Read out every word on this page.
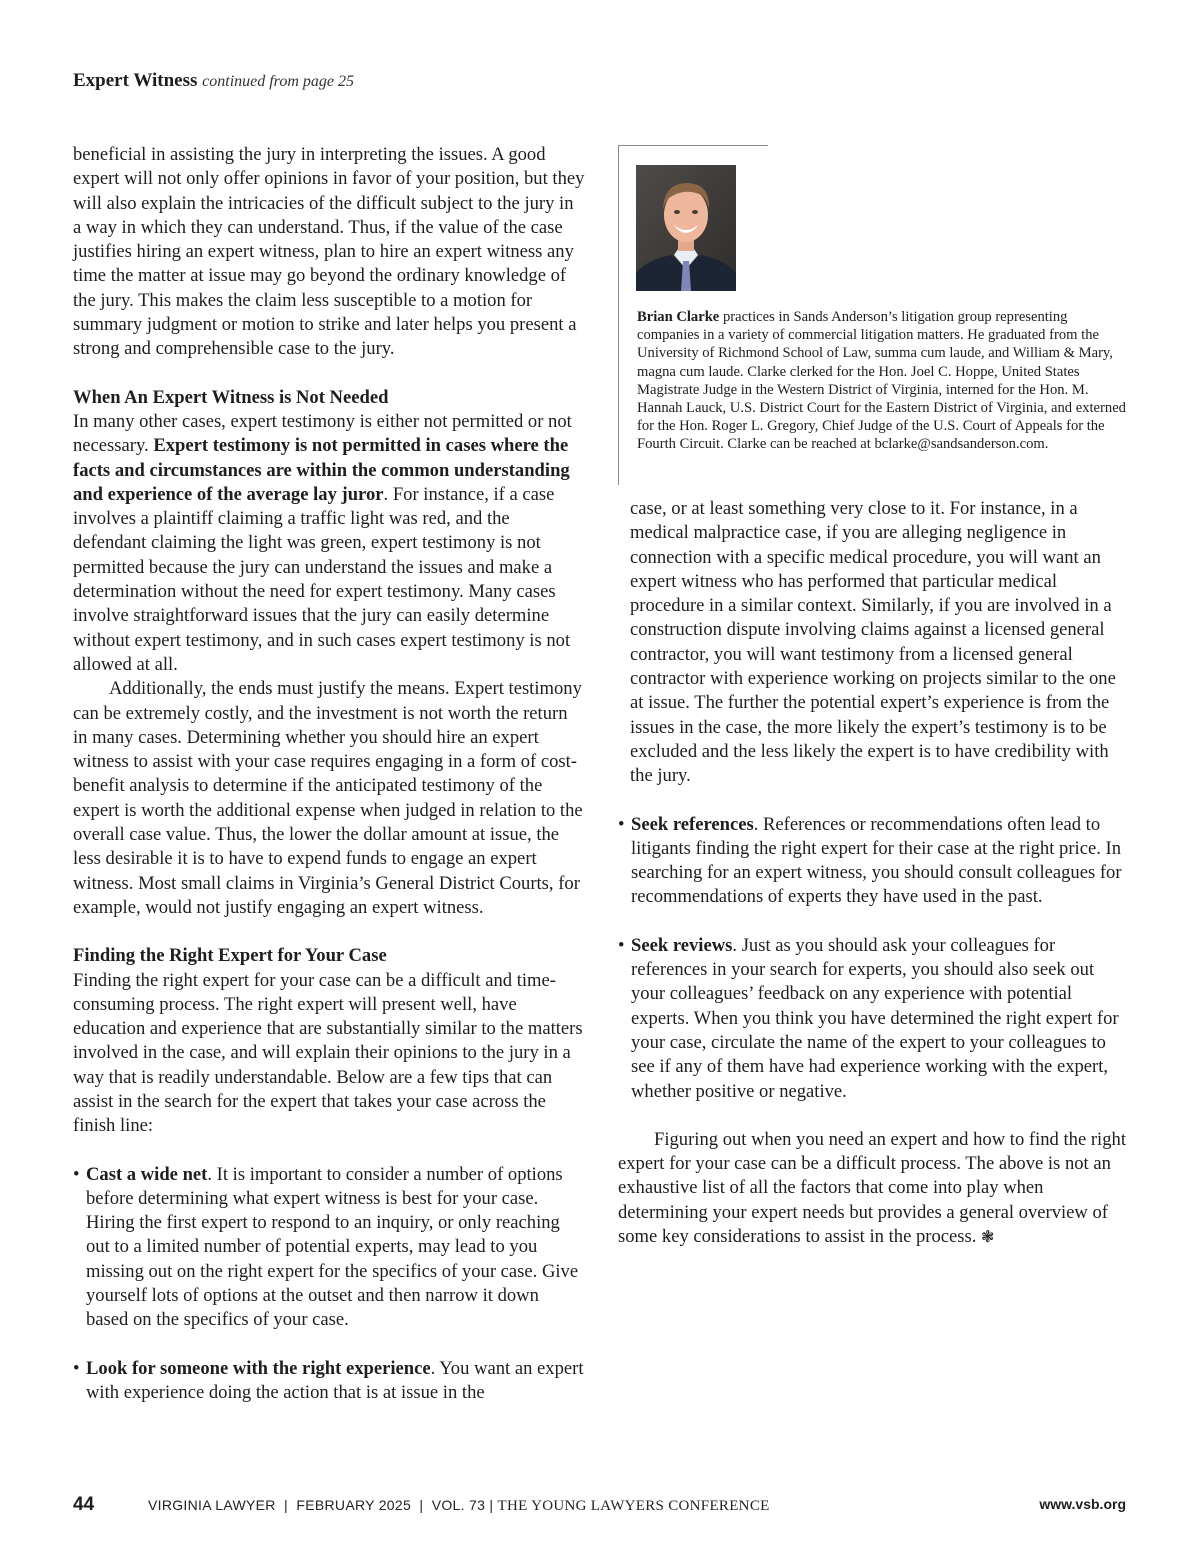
Expert Witness continued from page 25

beneficial in assisting the jury in interpreting the issues. A good expert will not only offer opinions in favor of your position, but they will also explain the intricacies of the difficult subject to the jury in a way in which they can understand. Thus, if the value of the case justifies hiring an expert witness, plan to hire an expert witness any time the matter at issue may go beyond the ordinary knowledge of the jury. This makes the claim less susceptible to a motion for summary judgment or motion to strike and later helps you present a strong and comprehensible case to the jury.

When An Expert Witness is Not Needed

In many other cases, expert testimony is either not permitted or not necessary. Expert testimony is not permitted in cases where the facts and circumstances are within the common understanding and experience of the average lay juror. For instance, if a case involves a plaintiff claiming a traffic light was red, and the defendant claiming the light was green, expert testimony is not permitted because the jury can understand the issues and make a determination without the need for expert testimony. Many cases involve straightforward issues that the jury can easily determine without expert testimony, and in such cases expert testimony is not allowed at all.

Additionally, the ends must justify the means. Expert testimony can be extremely costly, and the investment is not worth the return in many cases. Determining whether you should hire an expert witness to assist with your case requires engaging in a form of cost-benefit analysis to determine if the anticipated testimony of the expert is worth the additional expense when judged in relation to the overall case value. Thus, the lower the dollar amount at issue, the less desirable it is to have to expend funds to engage an expert witness. Most small claims in Virginia’s General District Courts, for example, would not justify engaging an expert witness.

Finding the Right Expert for Your Case

Finding the right expert for your case can be a difficult and time-consuming process. The right expert will present well, have education and experience that are substantially similar to the matters involved in the case, and will explain their opinions to the jury in a way that is readily understandable. Below are a few tips that can assist in the search for the expert that takes your case across the finish line:

• Cast a wide net. It is important to consider a number of options before determining what expert witness is best for your case. Hiring the first expert to respond to an inquiry, or only reaching out to a limited number of potential experts, may lead to you missing out on the right expert for the specifics of your case. Give yourself lots of options at the outset and then narrow it down based on the specifics of your case.
• Look for someone with the right experience. You want an expert with experience doing the action that is at issue in the
Brian Clarke practices in Sands Anderson’s litigation group representing companies in a variety of commercial litigation matters. He graduated from the University of Richmond School of Law, summa cum laude, and William & Mary, magna cum laude. Clarke clerked for the Hon. Joel C. Hoppe, United States Magistrate Judge in the Western District of Virginia, interned for the Hon. M. Hannah Lauck, U.S. District Court for the Eastern District of Virginia, and externed for the Hon. Roger L. Gregory, Chief Judge of the U.S. Court of Appeals for the Fourth Circuit. Clarke can be reached at bclarke@sandsanderson.com.

case, or at least something very close to it. For instance, in a medical malpractice case, if you are alleging negligence in connection with a specific medical procedure, you will want an expert witness who has performed that particular medical procedure in a similar context. Similarly, if you are involved in a construction dispute involving claims against a licensed general contractor, you will want testimony from a licensed general contractor with experience working on projects similar to the one at issue. The further the potential expert’s experience is from the issues in the case, the more likely the expert’s testimony is to be excluded and the less likely the expert is to have credibility with the jury.

• Seek references. References or recommendations often lead to litigants finding the right expert for their case at the right price. In searching for an expert witness, you should consult colleagues for recommendations of experts they have used in the past.
• Seek reviews. Just as you should ask your colleagues for references in your search for experts, you should also seek out your colleagues’ feedback on any experience with potential experts. When you think you have determined the right expert for your case, circulate the name of the expert to your colleagues to see if any of them have had experience working with the expert, whether positive or negative.

Figuring out when you need an expert and how to find the right expert for your case can be a difficult process. The above is not an exhaustive list of all the factors that come into play when determining your expert needs but provides a general overview of some key considerations to assist in the process. ❃

44	VIRGINIA LAWYER  |  FEBRUARY 2025  |  VOL. 73 | THE YOUNG LAWYERS CONFERENCE	www.vsb.org
